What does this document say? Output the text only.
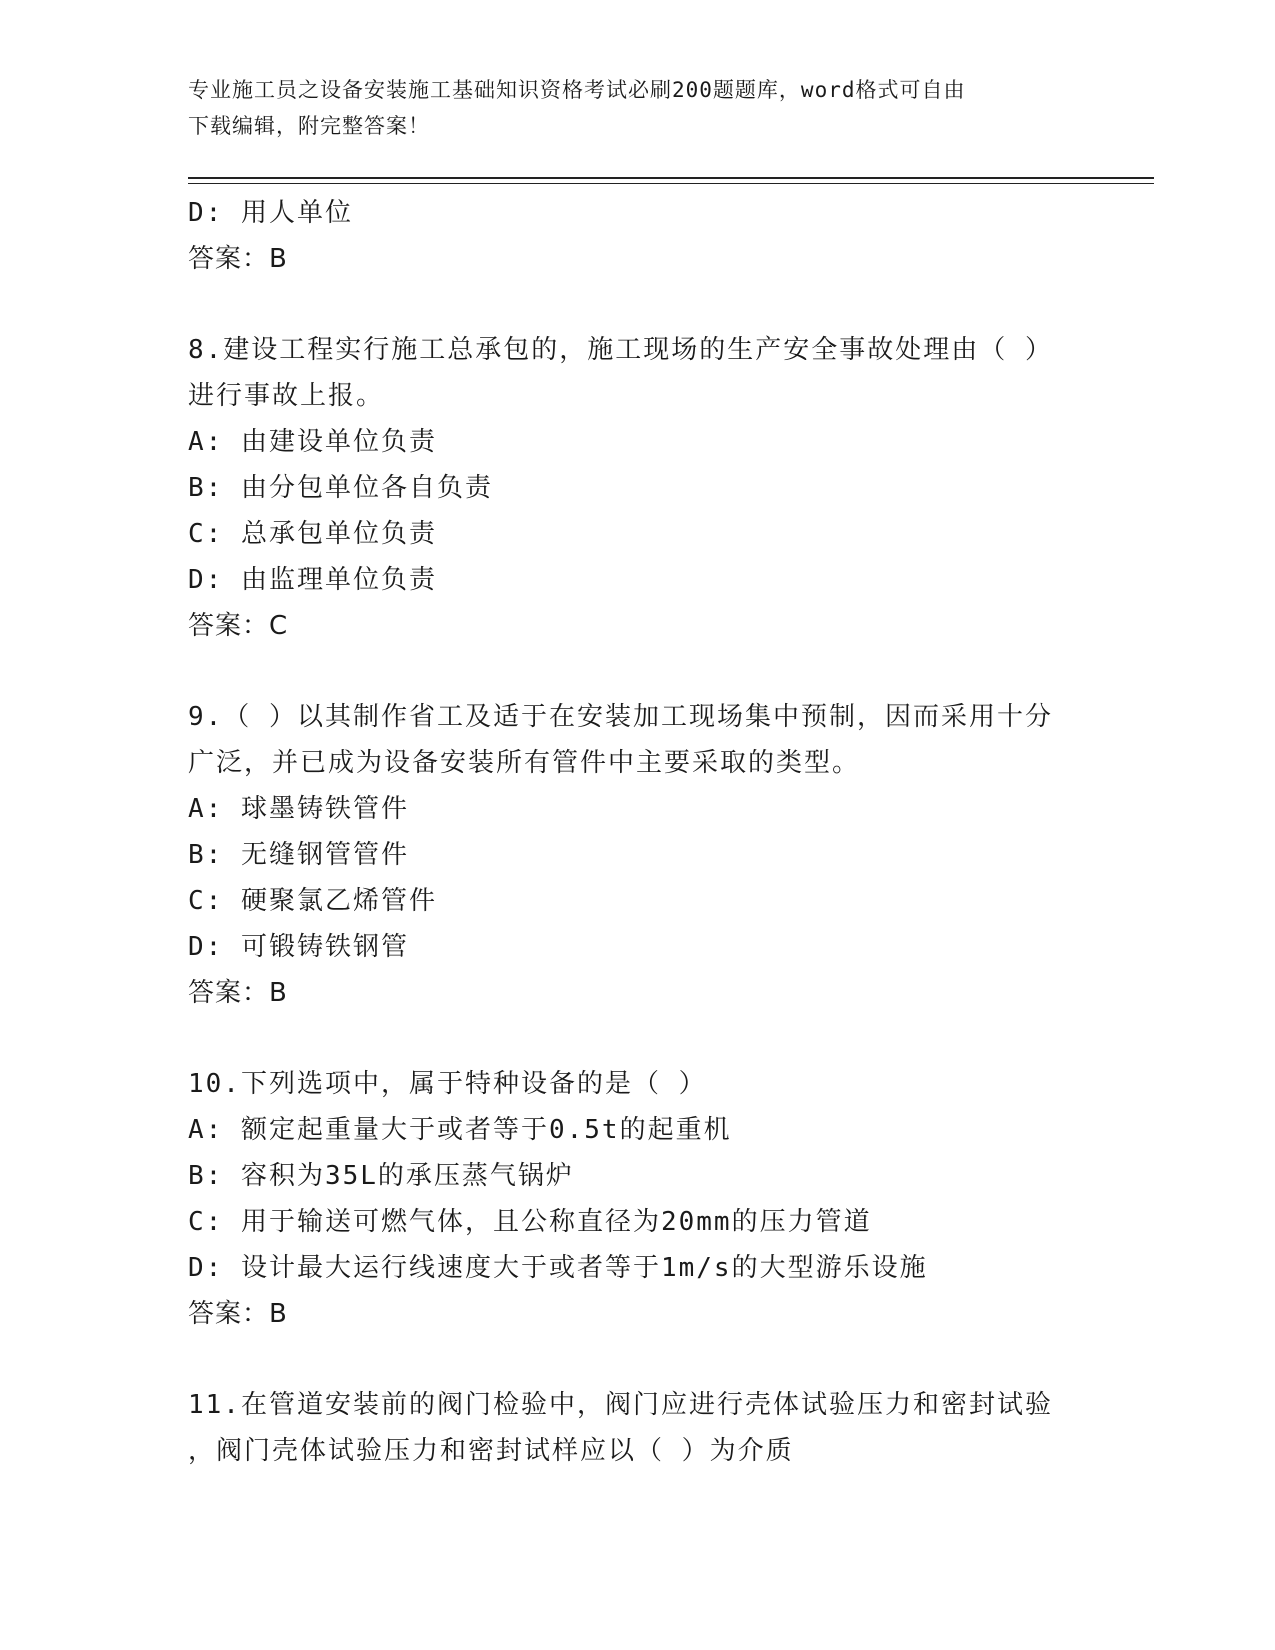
专业施工员之设备安装施工基础知识资格考试必刷200题题库，word格式可自由
下载编辑，附完整答案！
D: 用人单位
答案：B
8.建设工程实行施工总承包的，施工现场的生产安全事故处理由（ ）
进行事故上报。
A: 由建设单位负责
B: 由分包单位各自负责
C: 总承包单位负责
D: 由监理单位负责
答案：C
9.（ ）以其制作省工及适于在安装加工现场集中预制，因而采用十分
广泛，并已成为设备安装所有管件中主要采取的类型。
A: 球墨铸铁管件
B: 无缝钢管管件
C: 硬聚氯乙烯管件
D: 可锻铸铁钢管
答案：B
10.下列选项中，属于特种设备的是（ ）
A: 额定起重量大于或者等于0.5t的起重机
B: 容积为35L的承压蒸气锅炉
C: 用于输送可燃气体，且公称直径为20mm的压力管道
D: 设计最大运行线速度大于或者等于1m/s的大型游乐设施
答案：B
11.在管道安装前的阀门检验中，阀门应进行壳体试验压力和密封试验
，阀门壳体试验压力和密封试样应以（ ）为介质
